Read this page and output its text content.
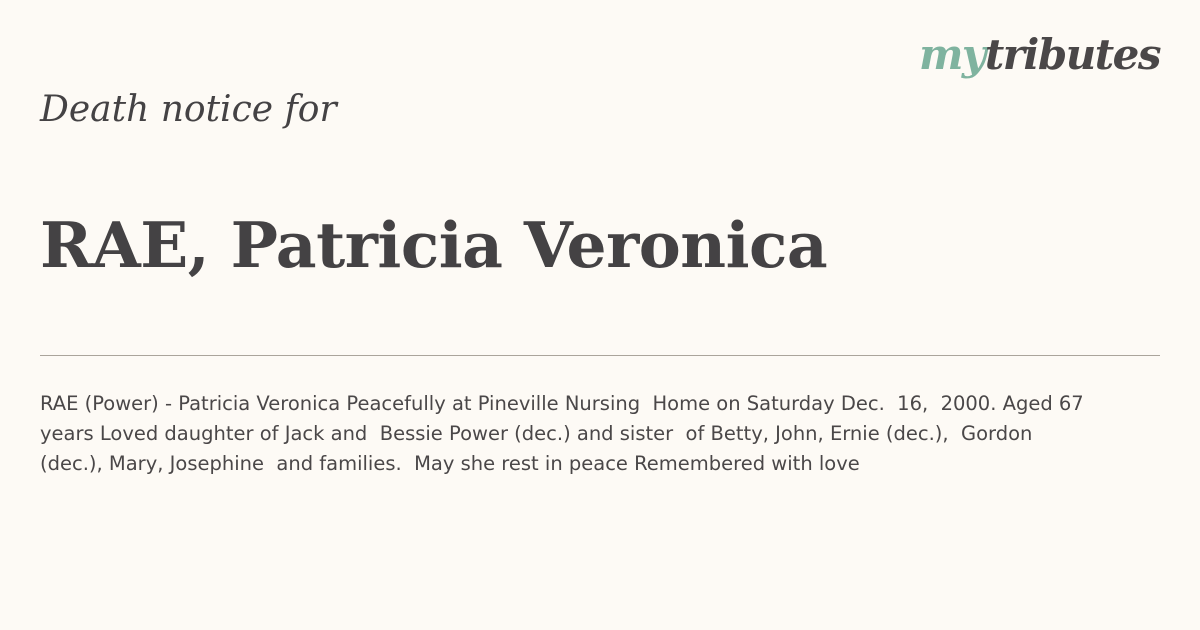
mytributes
Death notice for
RAE, Patricia Veronica

RAE (Power) - Patricia Veronica Peacefully at Pineville Nursing  Home on Saturday Dec.  16,  2000. Aged 67 years Loved daughter of Jack and  Bessie Power (dec.) and sister  of Betty, John, Ernie (dec.),  Gordon (dec.), Mary, Josephine  and families.  May she rest in peace Remembered with love
